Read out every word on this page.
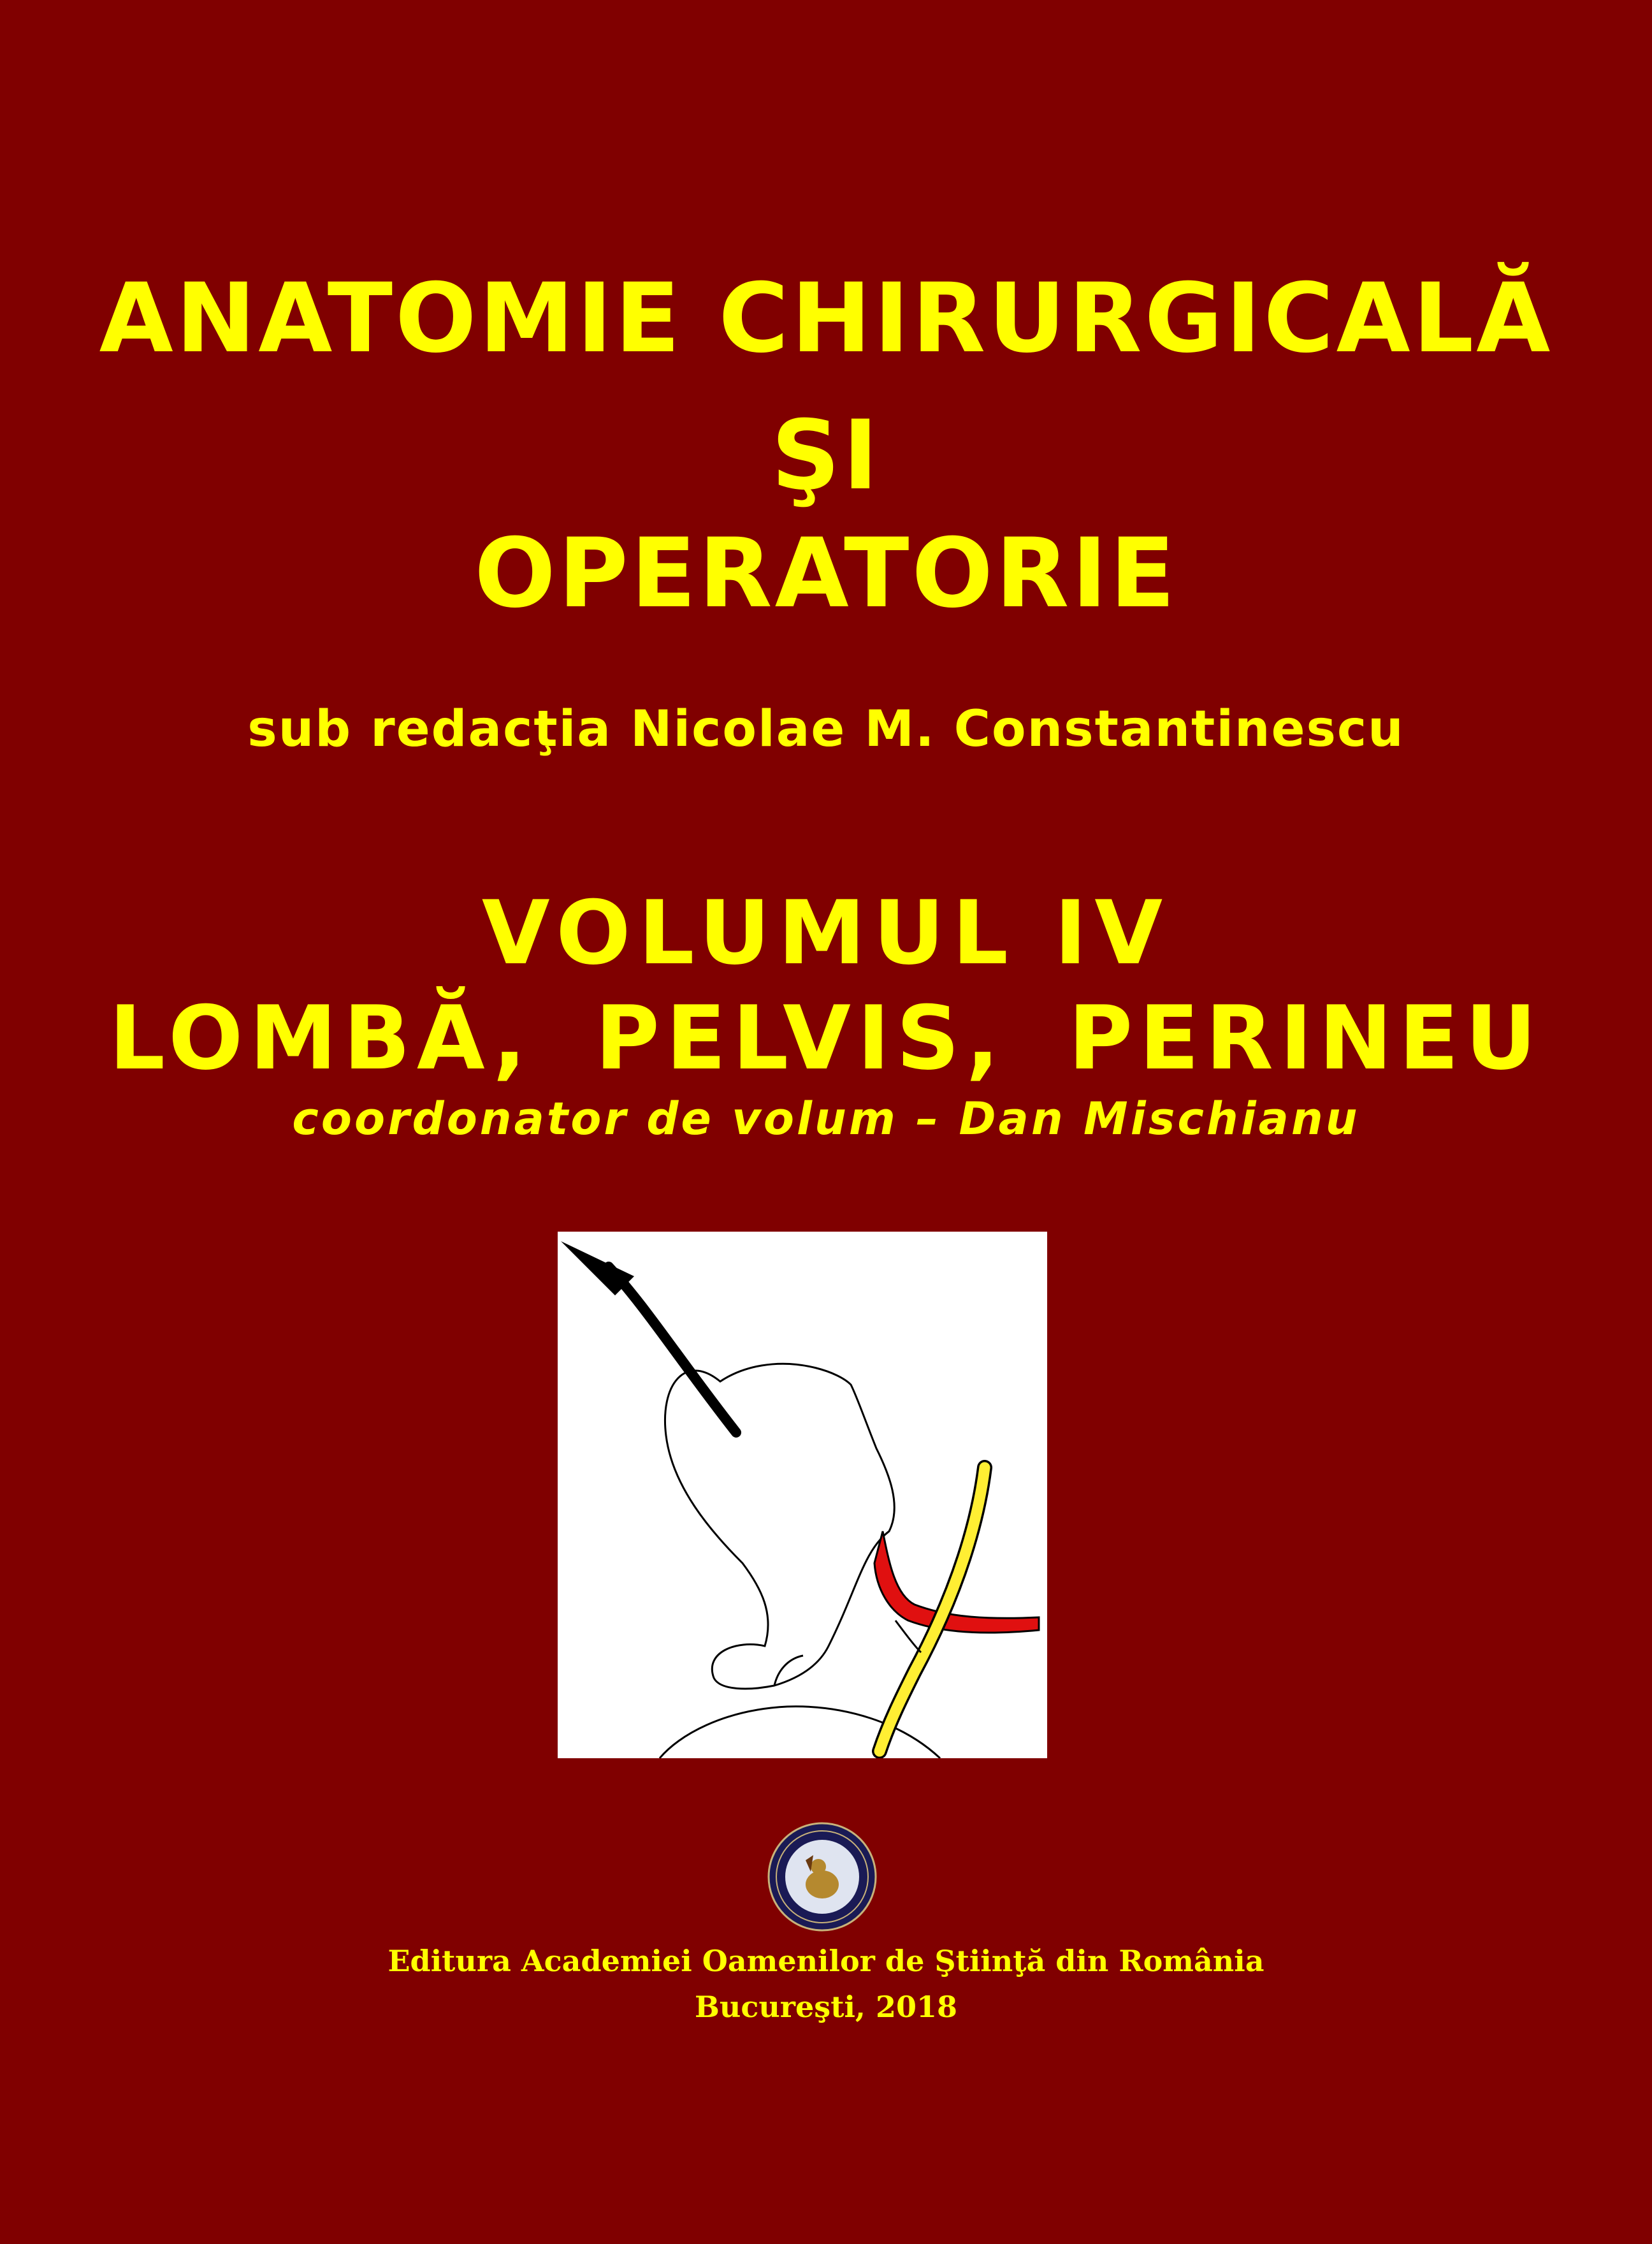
ANATOMIE CHIRURGICALĂ
ŞI
OPERATORIE

sub redacţia Nicolae M. Constantinescu

VOLUMUL IV
LOMBĂ, PELVIS, PERINEU

coordonator de volum – Dan Mischianu

Editura Academiei Oamenilor de Ştiinţă din România

Bucureşti, 2018
